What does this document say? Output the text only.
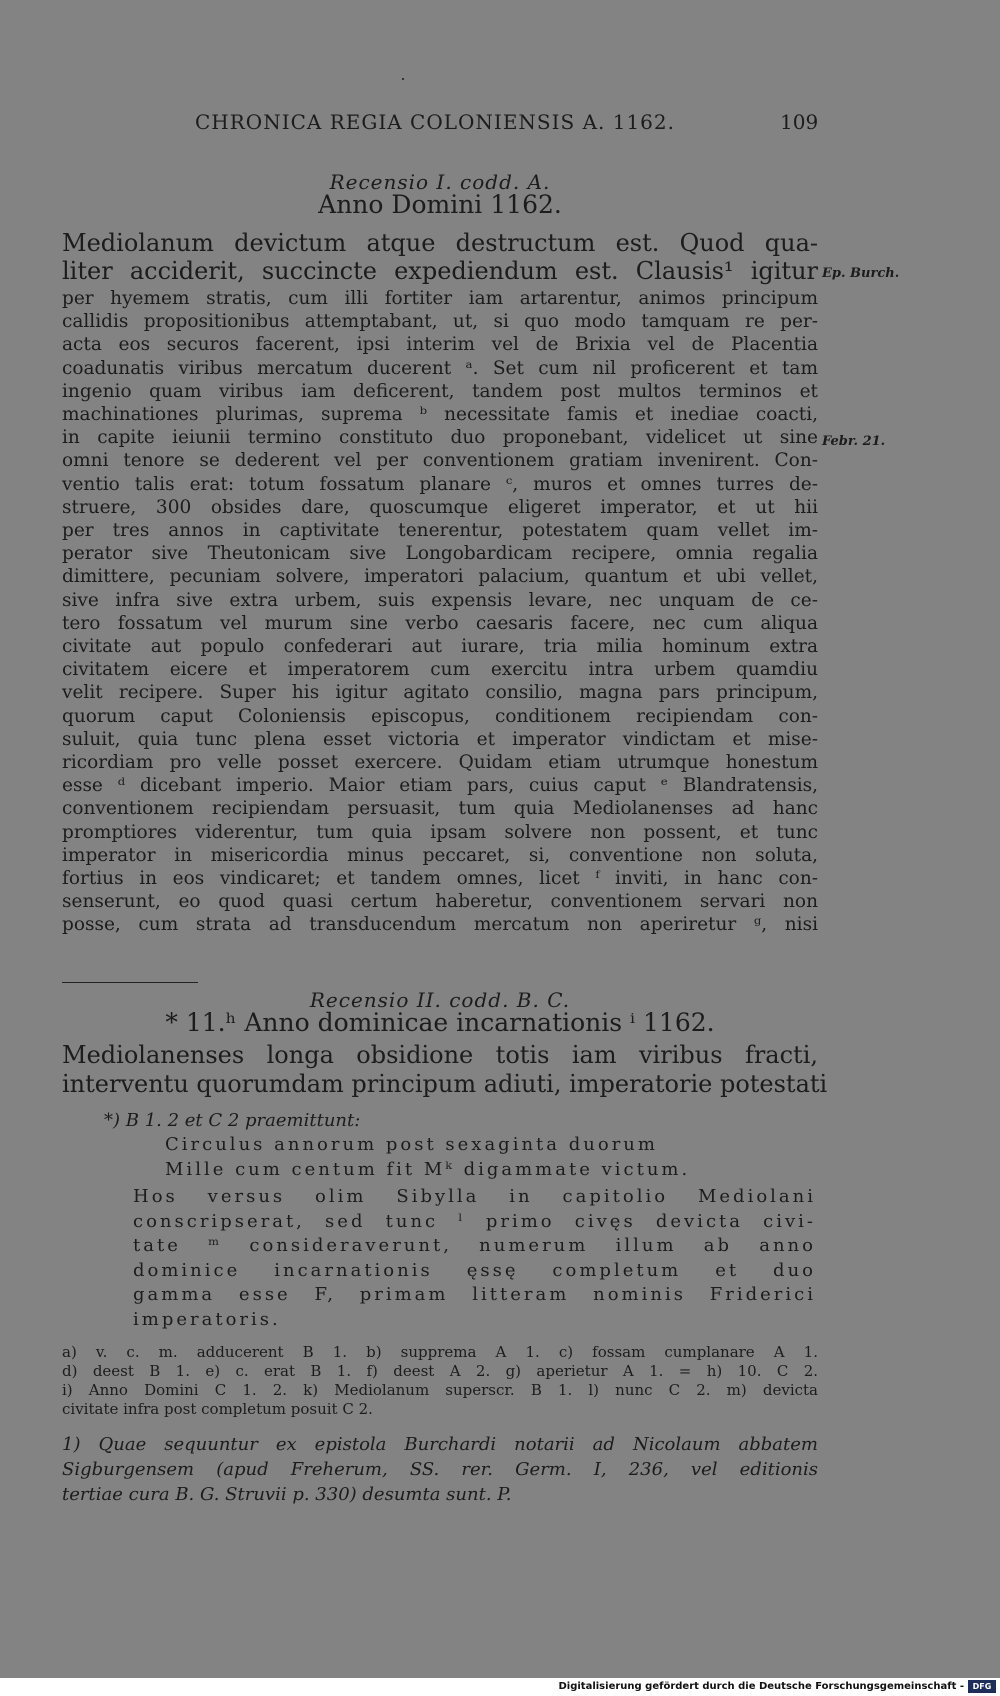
CHRONICA REGIA COLONIENSIS A. 1162.	109
Recensio I. codd. A.
Anno Domini 1162.
Mediolanum devictum atque destructum est. Quod qua-
liter acciderit, succincte expediendum est. Clausis¹ igitur
per hyemem stratis, cum illi fortiter iam artarentur, animos principum
callidis propositionibus attemptabant, ut, si quo modo tamquam re per-
acta eos securos facerent, ipsi interim vel de Brixia vel de Placentia
coadunatis viribus mercatum ducerent ᵃ. Set cum nil proficerent et tam
ingenio quam viribus iam deficerent, tandem post multos terminos et
machinationes plurimas, suprema ᵇ necessitate famis et inediae coacti,
in capite ieiunii termino constituto duo proponebant, videlicet ut sine
omni tenore se dederent vel per conventionem gratiam invenirent. Con-
ventio talis erat: totum fossatum planare ᶜ, muros et omnes turres de-
struere, 300 obsides dare, quoscumque eligeret imperator, et ut hii
per tres annos in captivitate tenerentur, potestatem quam vellet im-
perator sive Theutonicam sive Longobardicam recipere, omnia regalia
dimittere, pecuniam solvere, imperatori palacium, quantum et ubi vellet,
sive infra sive extra urbem, suis expensis levare, nec unquam de ce-
tero fossatum vel murum sine verbo caesaris facere, nec cum aliqua
civitate aut populo confederari aut iurare, tria milia hominum extra
civitatem eicere et imperatorem cum exercitu intra urbem quamdiu
velit recipere. Super his igitur agitato consilio, magna pars principum,
quorum caput Coloniensis episcopus, conditionem recipiendam con-
suluit, quia tunc plena esset victoria et imperator vindictam et mise-
ricordiam pro velle posset exercere. Quidam etiam utrumque honestum
esse ᵈ dicebant imperio. Maior etiam pars, cuius caput ᵉ Blandratensis,
conventionem recipiendam persuasit, tum quia Mediolanenses ad hanc
promptiores viderentur, tum quia ipsam solvere non possent, et tunc
imperator in misericordia minus peccaret, si, conventione non soluta,
fortius in eos vindicaret; et tandem omnes, licet ᶠ inviti, in hanc con-
senserunt, eo quod quasi certum haberetur, conventionem servari non
posse, cum strata ad transducendum mercatum non aperiretur ᵍ, nisi
Ep. Burch.
Febr. 21.
Recensio II. codd. B. C.
* 11.ʰ Anno dominicae incarnationis ⁱ 1162.
Mediolanenses longa obsidione totis iam viribus fracti,
interventu quorumdam principum adiuti, imperatorie potestati
*) B 1. 2 et C 2 praemittunt:
Circulus annorum post sexaginta duorum
Mille cum centum fit Mᵏ digammate victum.
Hos versus olim Sibylla in capitolio Mediolani
conscripserat, sed tunc ˡ primo civęs devicta civi-
tate ᵐ consideraverunt, numerum illum ab anno
dominice incarnationis ęssę completum et duo
gamma esse F, primam litteram nominis Friderici
imperatoris.
a) v. c. m. adducerent B 1. b) supprema A 1. c) fossam cumplanare A 1.
d) deest B 1. e) c. erat B 1. f) deest A 2. g) aperietur A 1. = h) 10. C 2.
i) Anno Domini C 1. 2. k) Mediolanum superscr. B 1. l) nunc C 2. m) devicta
civitate infra post completum posuit C 2.
1) Quae sequuntur ex epistola Burchardi notarii ad Nicolaum abbatem
Sigburgensem (apud Freherum, SS. rer. Germ. I, 236, vel editionis
tertiae cura B. G. Struvii p. 330) desumta sunt. P.
Digitalisierung gefördert durch die Deutsche Forschungsgemeinschaft -	DFG
